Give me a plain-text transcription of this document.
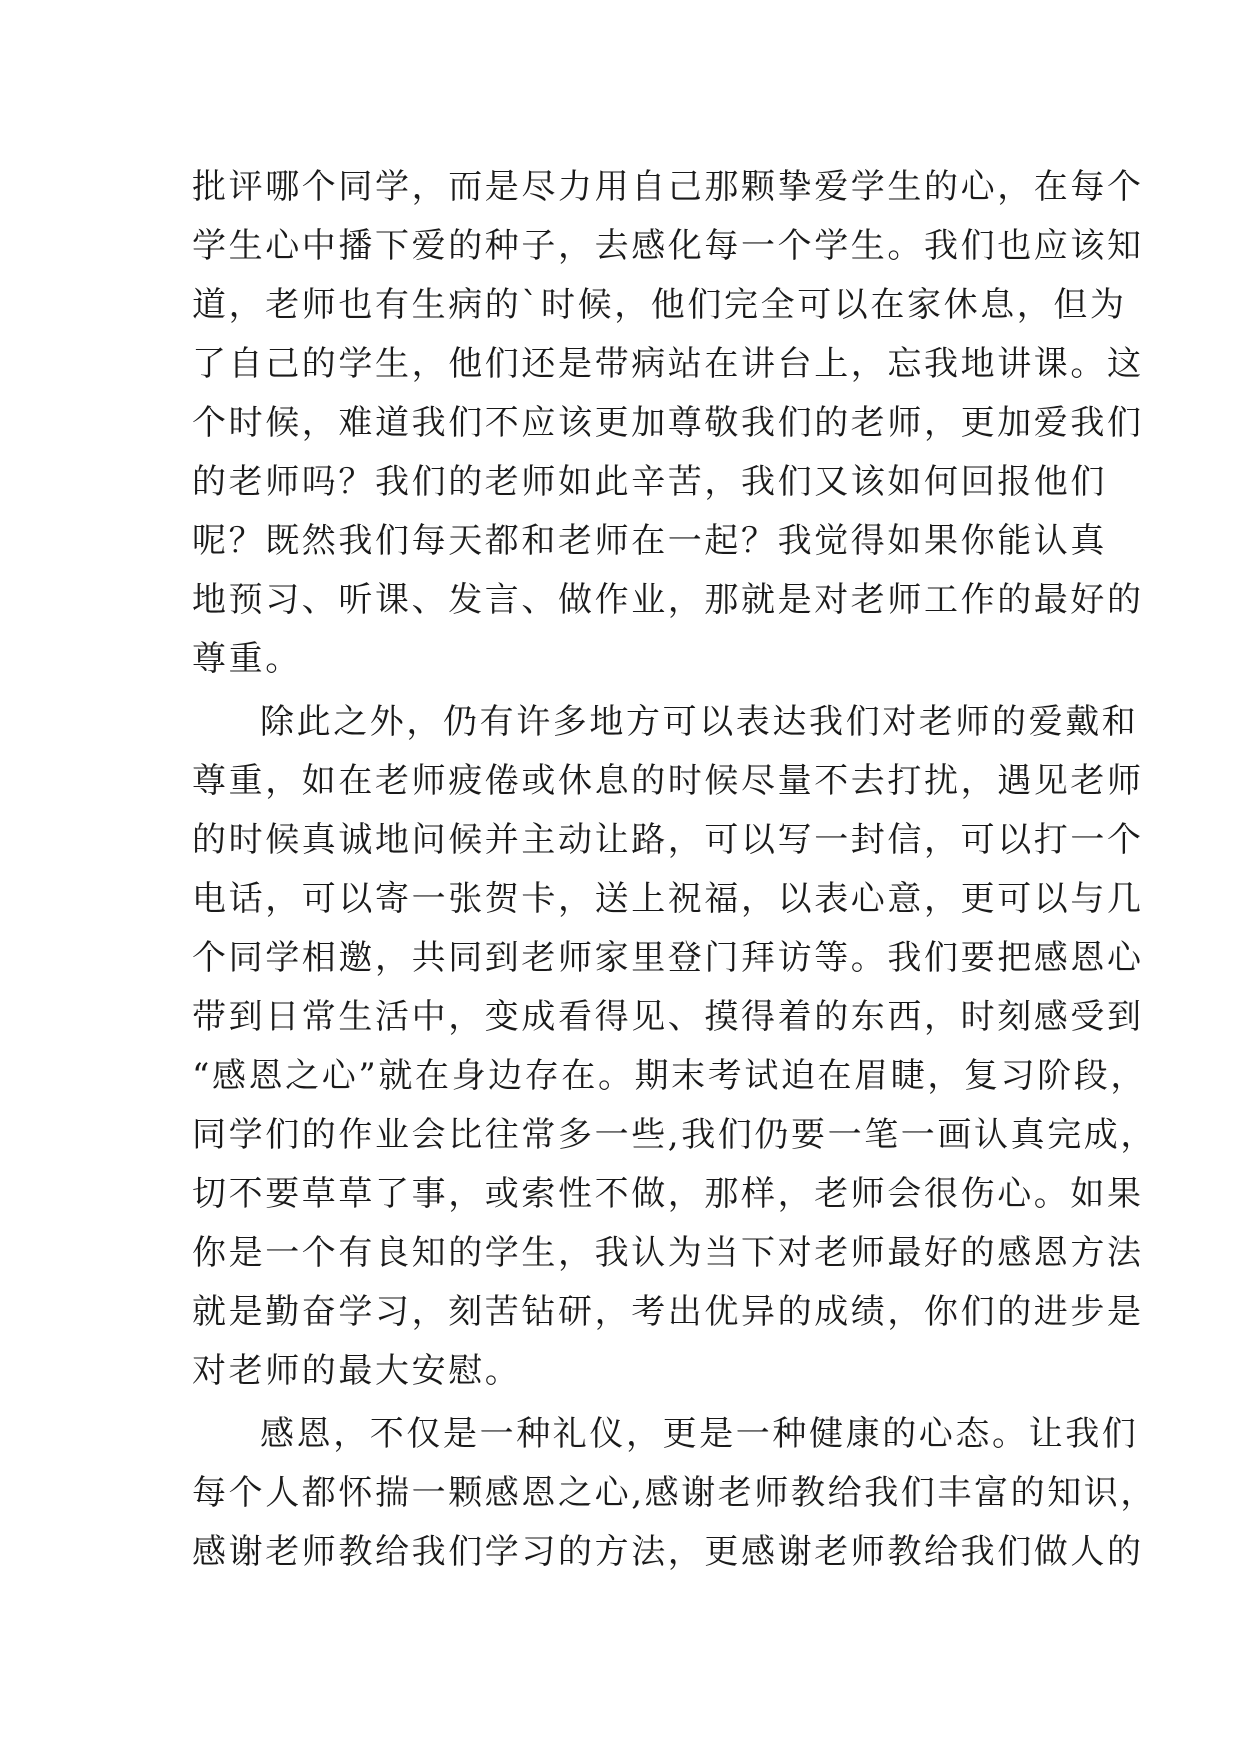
批评哪个同学，而是尽力用自己那颗挚爱学生的心，在每个
学生心中播下爱的种子，去感化每一个学生。我们也应该知
道，老师也有生病的`时候，他们完全可以在家休息，但为
了自己的学生，他们还是带病站在讲台上，忘我地讲课。这
个时候，难道我们不应该更加尊敬我们的老师，更加爱我们
的老师吗？我们的老师如此辛苦，我们又该如何回报他们
呢？既然我们每天都和老师在一起？我觉得如果你能认真
地预习、听课、发言、做作业，那就是对老师工作的最好的
尊重。
除此之外，仍有许多地方可以表达我们对老师的爱戴和
尊重，如在老师疲倦或休息的时候尽量不去打扰，遇见老师
的时候真诚地问候并主动让路，可以写一封信，可以打一个
电话，可以寄一张贺卡，送上祝福，以表心意，更可以与几
个同学相邀，共同到老师家里登门拜访等。我们要把感恩心
带到日常生活中，变成看得见、摸得着的东西，时刻感受到
“感恩之心”就在身边存在。期末考试迫在眉睫，复习阶段，
同学们的作业会比往常多一些,我们仍要一笔一画认真完成，
切不要草草了事，或索性不做，那样，老师会很伤心。如果
你是一个有良知的学生，我认为当下对老师最好的感恩方法
就是勤奋学习，刻苦钻研，考出优异的成绩，你们的进步是
对老师的最大安慰。
感恩，不仅是一种礼仪，更是一种健康的心态。让我们
每个人都怀揣一颗感恩之心,感谢老师教给我们丰富的知识，
感谢老师教给我们学习的方法，更感谢老师教给我们做人的
